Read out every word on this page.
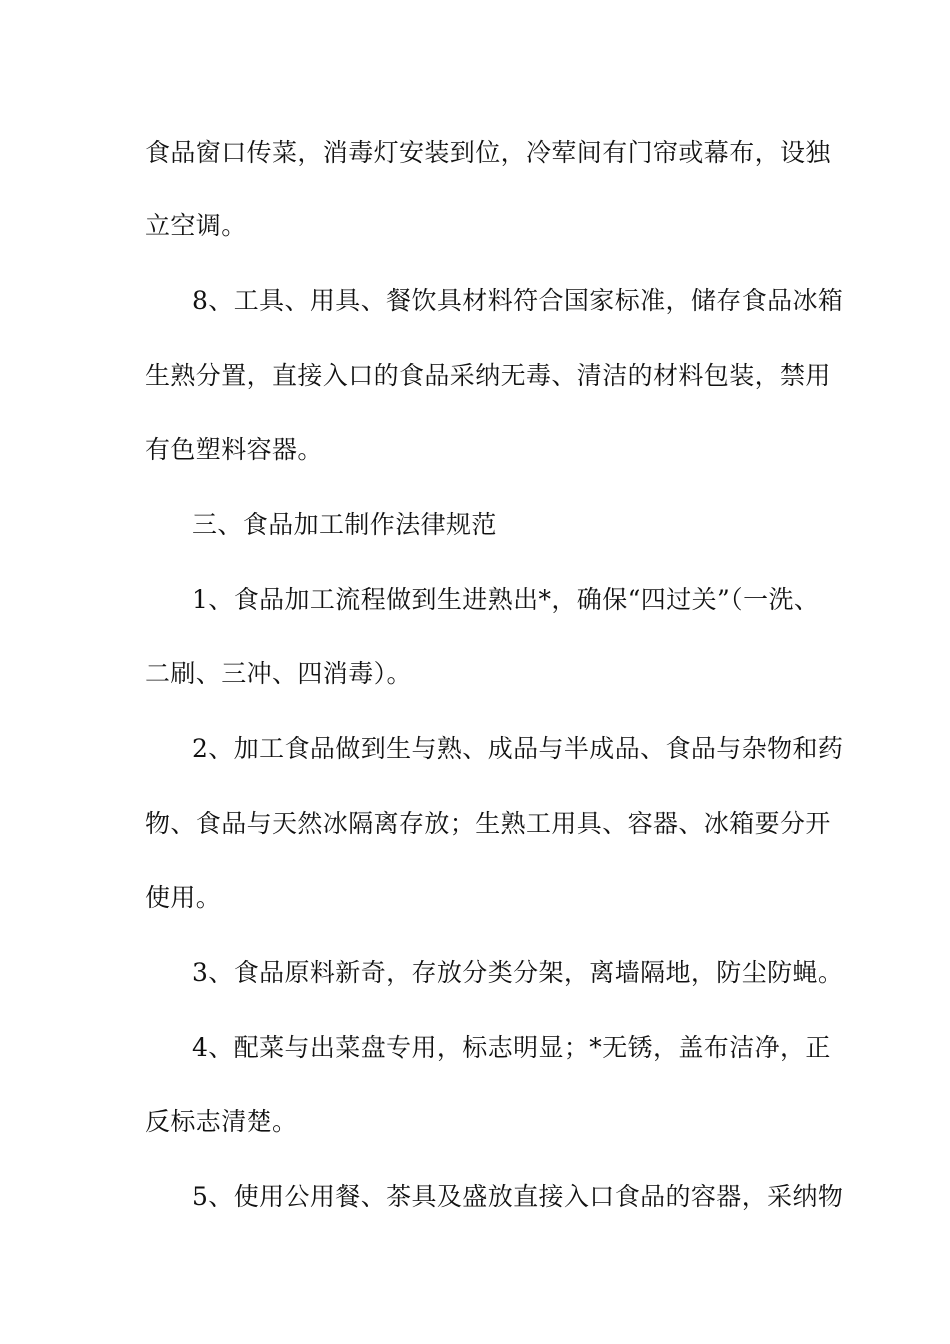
食品窗口传菜，消毒灯安装到位，冷荤间有门帘或幕布，设独
立空调。
8、工具、用具、餐饮具材料符合国家标准，储存食品冰箱
生熟分置，直接入口的食品采纳无毒、清洁的材料包装，禁用
有色塑料容器。
三、食品加工制作法律规范
1、食品加工流程做到生进熟出*，确保“四过关”（一洗、
二刷、三冲、四消毒）。
2、加工食品做到生与熟、成品与半成品、食品与杂物和药
物、食品与天然冰隔离存放；生熟工用具、容器、冰箱要分开
使用。
3、食品原料新奇，存放分类分架，离墙隔地，防尘防蝇。
4、配菜与出菜盘专用，标志明显；*无锈，盖布洁净，正
反标志清楚。
5、使用公用餐、茶具及盛放直接入口食品的容器，采纳物
